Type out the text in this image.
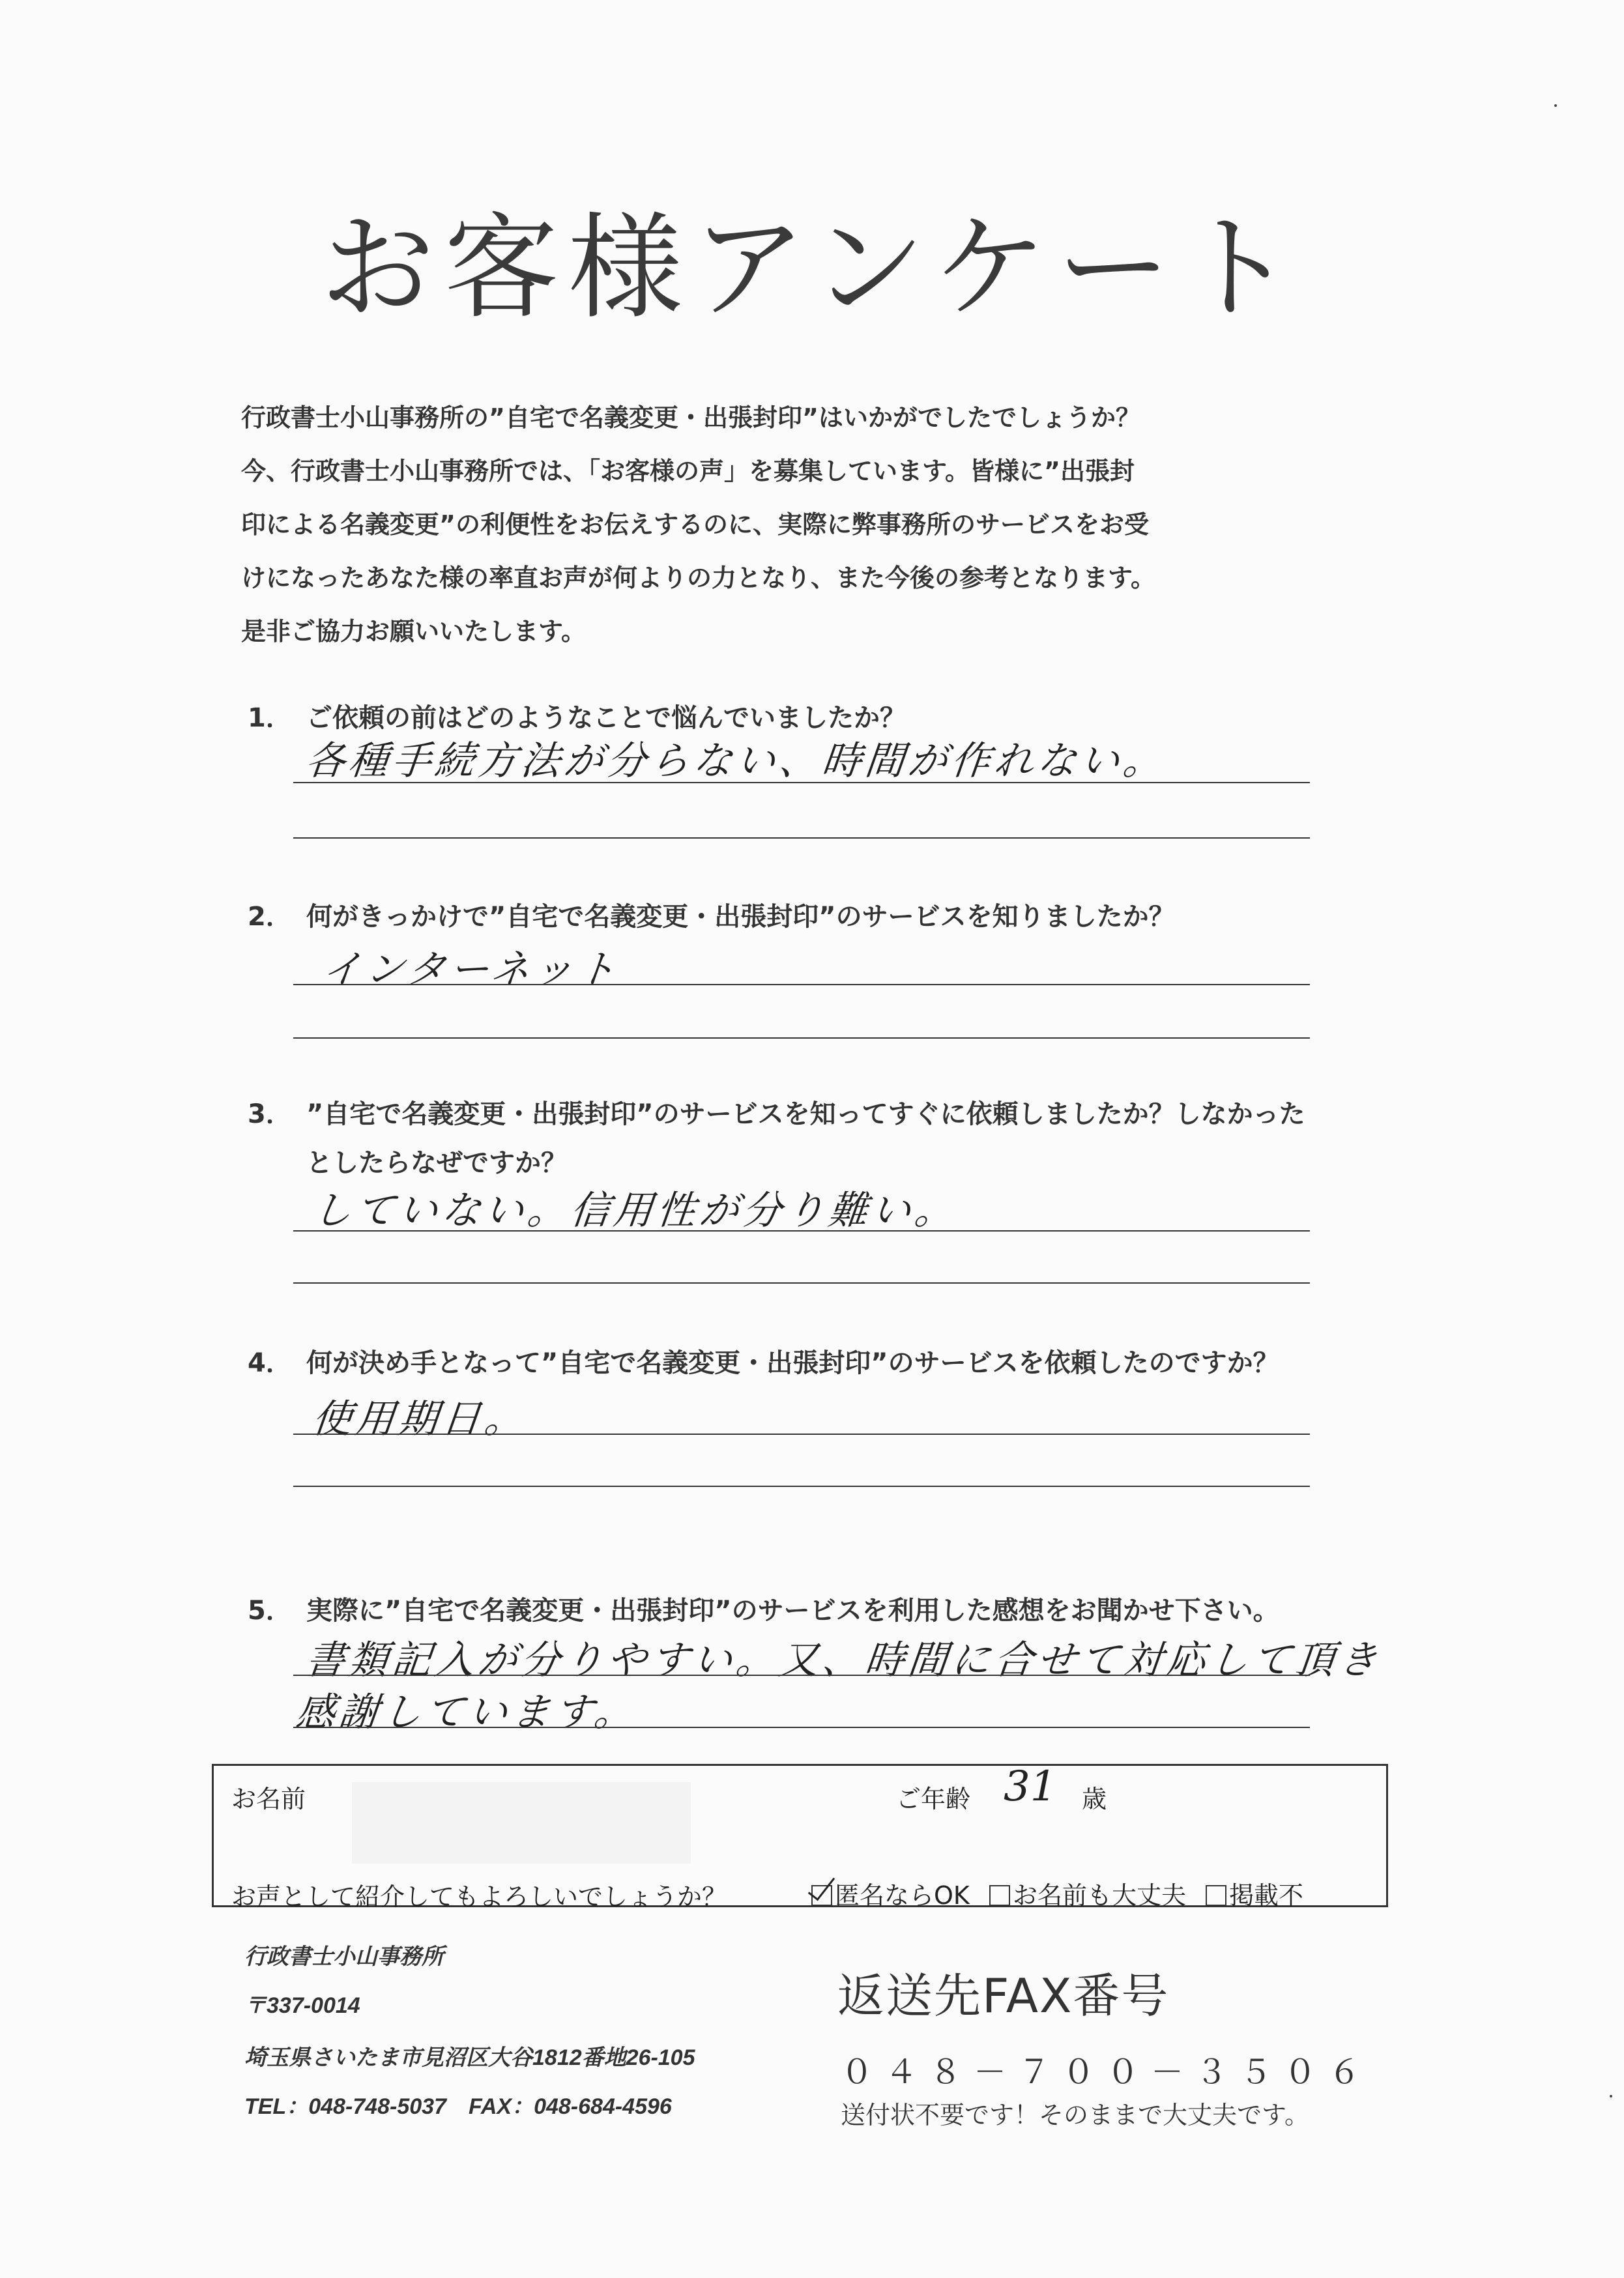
お客様アンケート
行政書士小山事務所の”自宅で名義変更・出張封印”はいかがでしたでしょうか？
今、行政書士小山事務所では、「お客様の声」を募集しています。皆様に”出張封
印による名義変更”の利便性をお伝えするのに、実際に弊事務所のサービスをお受
けになったあなた様の率直お声が何よりの力となり、また今後の参考となります。
是非ご協力お願いいたします。
1． ご依頼の前はどのようなことで悩んでいましたか？
各種手続方法が分らない、時間が作れない。
2． 何がきっかけで”自宅で名義変更・出張封印”のサービスを知りましたか？
インターネット
3． ”自宅で名義変更・出張封印”のサービスを知ってすぐに依頼しましたか？しなかった
としたらなぜですか？
していない。信用性が分り難い。
4． 何が決め手となって”自宅で名義変更・出張封印”のサービスを依頼したのですか？
使用期日。
5． 実際に”自宅で名義変更・出張封印”のサービスを利用した感想をお聞かせ下さい。
書類記入が分りやすい。又、時間に合せて対応して頂き
感謝しています。
お名前	ご年齢 31 歳
お声として紹介してもよろしいでしょうか？	匿名ならOK お名前も大丈夫 掲載不
行政書士小山事務所
〒337-0014
埼玉県さいたま市見沼区大谷1812番地26-105
TEL：048-748-5037　FAX：048-684-4596
返送先FAX番号
０４８－７００－３５０６
送付状不要です！そのままで大丈夫です。
